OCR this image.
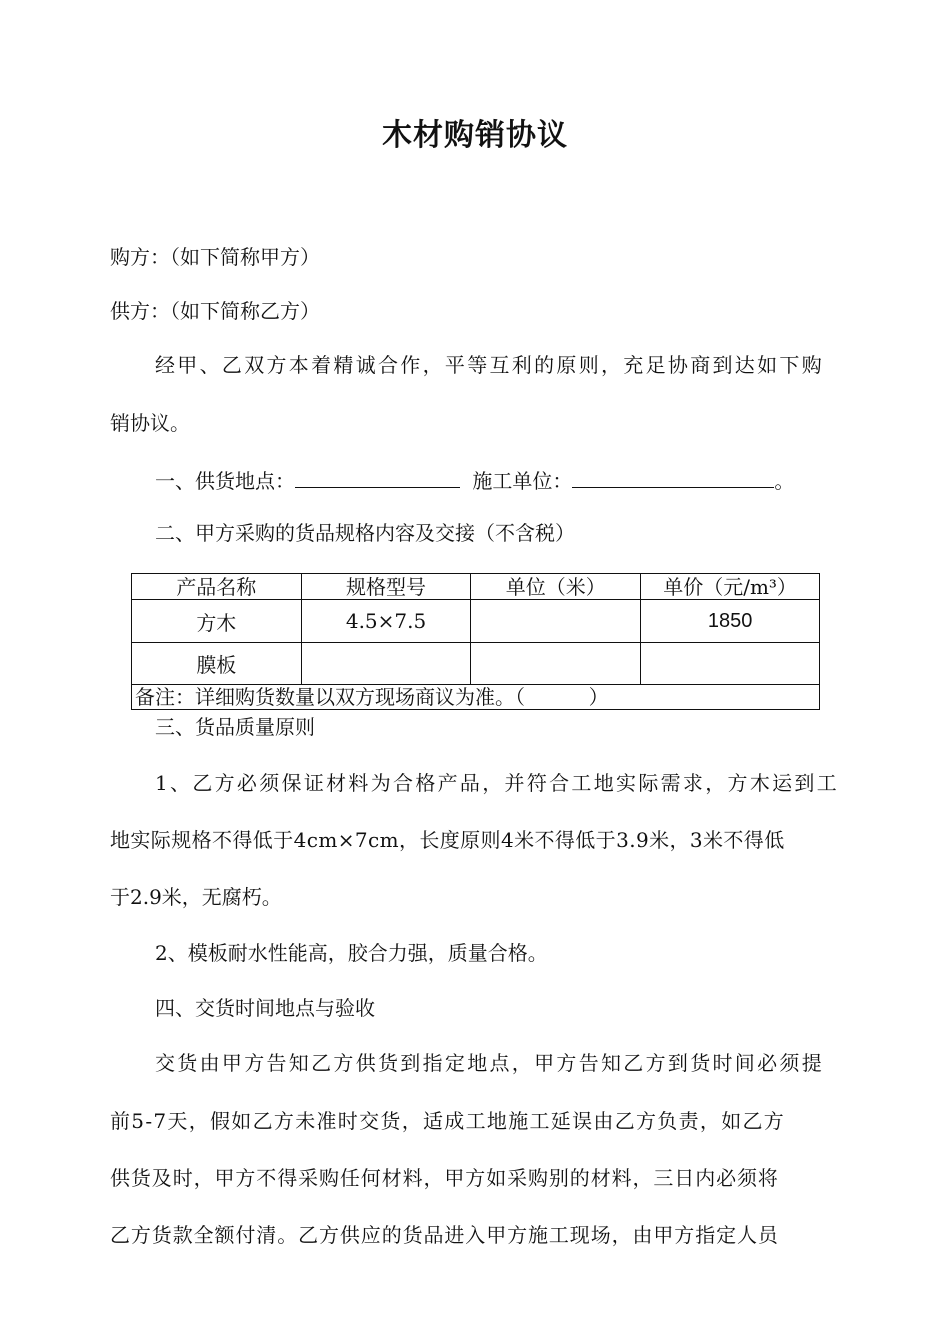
木材购销协议

购方：（如下简称甲方）

供方：（如下简称乙方）

经甲、乙双方本着精诚合作，平等互利的原则，充足协商到达如下购

销协议。

一、供货地点：	施工单位：	。

二、甲方采购的货品规格内容及交接（不含税）

产品名称	规格型号	单位（米）	单价（元/m³）
方木	4.5×7.5		1850
膜板			
备注：详细购货数量以双方现场商议为准。（          ）			

三、货品质量原则

1、乙方必须保证材料为合格产品，并符合工地实际需求，方木运到工

地实际规格不得低于4cm×7cm，长度原则4米不得低于3.9米，3米不得低

于2.9米，无腐朽。

2、模板耐水性能高，胶合力强，质量合格。

四、交货时间地点与验收

交货由甲方告知乙方供货到指定地点，甲方告知乙方到货时间必须提

前5-7天，假如乙方未准时交货，适成工地施工延误由乙方负责，如乙方

供货及时，甲方不得采购任何材料，甲方如采购别的材料，三日内必须将

乙方货款全额付清。乙方供应的货品进入甲方施工现场，由甲方指定人员
